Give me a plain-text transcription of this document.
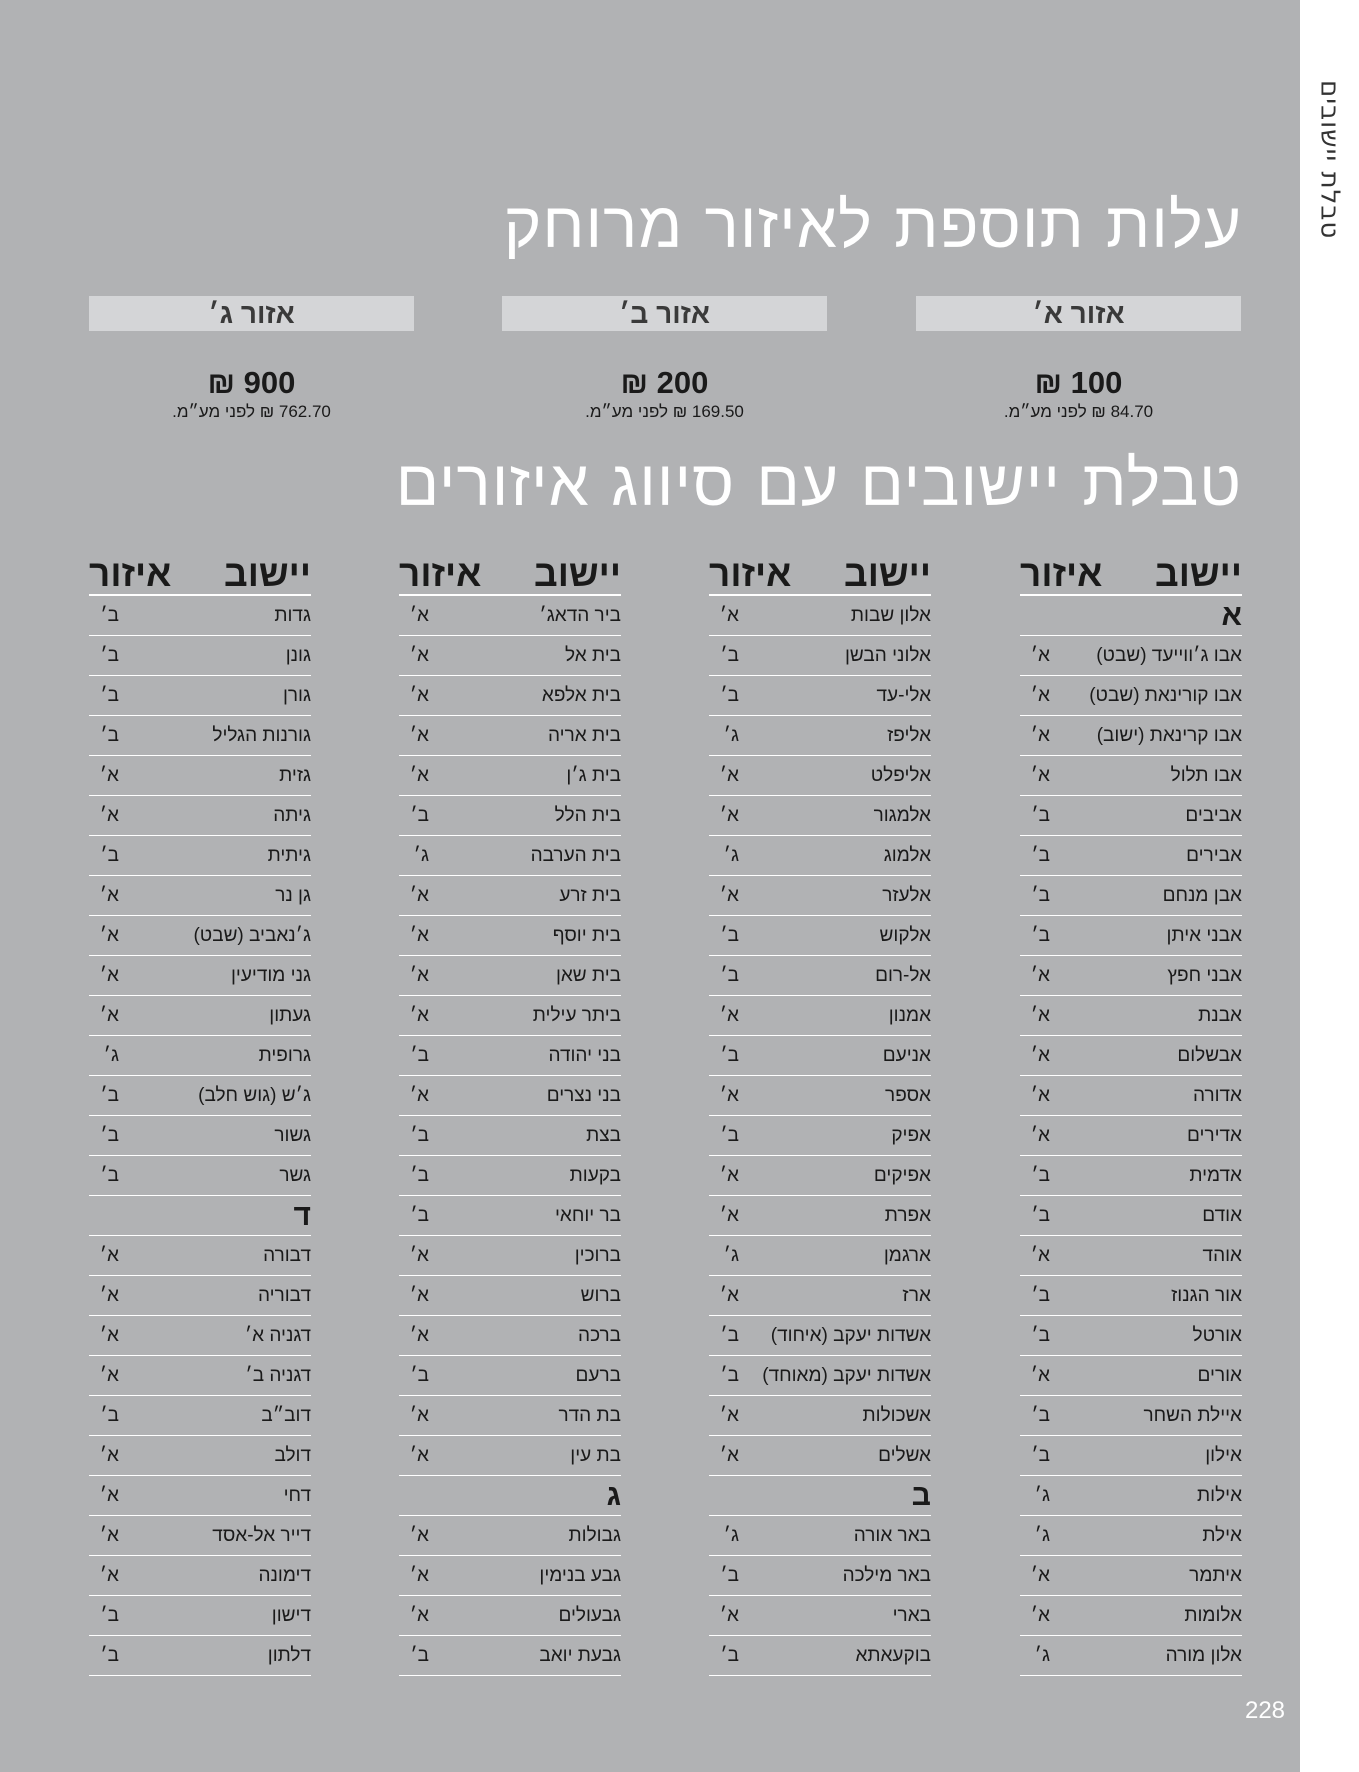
טבלת יישובים
עלות תוספת לאיזור מרוחק
אזור א׳
אזור ב׳
אזור ג׳
100 ₪
84.70 ₪ לפני מע״מ.
200 ₪
169.50 ₪ לפני מע״מ.
900 ₪
762.70 ₪ לפני מע״מ.
טבלת יישובים עם סיווג איזורים
יישוב
איזור
א
אבו ג׳ווייעד (שבט)
א׳
אבו קורינאת (שבט)
א׳
אבו קרינאת (ישוב)
א׳
אבו תלול
א׳
אביבים
ב׳
אבירים
ב׳
אבן מנחם
ב׳
אבני איתן
ב׳
אבני חפץ
א׳
אבנת
א׳
אבשלום
א׳
אדורה
א׳
אדירים
א׳
אדמית
ב׳
אודם
ב׳
אוהד
א׳
אור הגנוז
ב׳
אורטל
ב׳
אורים
א׳
איילת השחר
ב׳
אילון
ב׳
אילות
ג׳
אילת
ג׳
איתמר
א׳
אלומות
א׳
אלון מורה
ג׳
יישוב
איזור
אלון שבות
א׳
אלוני הבשן
ב׳
אלי-עד
ב׳
אליפז
ג׳
אליפלט
א׳
אלמגור
א׳
אלמוג
ג׳
אלעזר
א׳
אלקוש
ב׳
אל-רום
ב׳
אמנון
א׳
אניעם
ב׳
אספר
א׳
אפיק
ב׳
אפיקים
א׳
אפרת
א׳
ארגמן
ג׳
ארז
א׳
אשדות יעקב (איחוד)
ב׳
אשדות יעקב (מאוחד)
ב׳
אשכולות
א׳
אשלים
א׳
ב
באר אורה
ג׳
באר מילכה
ב׳
בארי
א׳
בוקעאתא
ב׳
יישוב
איזור
ביר הדאג׳
א׳
בית אל
א׳
בית אלפא
א׳
בית אריה
א׳
בית ג׳ן
א׳
בית הלל
ב׳
בית הערבה
ג׳
בית זרע
א׳
בית יוסף
א׳
בית שאן
א׳
ביתר עילית
א׳
בני יהודה
ב׳
בני נצרים
א׳
בצת
ב׳
בקעות
ב׳
בר יוחאי
ב׳
ברוכין
א׳
ברוש
א׳
ברכה
א׳
ברעם
ב׳
בת הדר
א׳
בת עין
א׳
ג
גבולות
א׳
גבע בנימין
א׳
גבעולים
א׳
גבעת יואב
ב׳
יישוב
איזור
גדות
ב׳
גונן
ב׳
גורן
ב׳
גורנות הגליל
ב׳
גזית
א׳
גיתה
א׳
גיתית
ב׳
גן נר
א׳
ג׳נאביב (שבט)
א׳
גני מודיעין
א׳
געתון
א׳
גרופית
ג׳
ג׳ש (גוש חלב)
ב׳
גשור
ב׳
גשר
ב׳
ד
דבורה
א׳
דבוריה
א׳
דגניה א׳
א׳
דגניה ב׳
א׳
דוב״ב
ב׳
דולב
א׳
דחי
א׳
דייר אל-אסד
א׳
דימונה
א׳
דישון
ב׳
דלתון
ב׳
228
